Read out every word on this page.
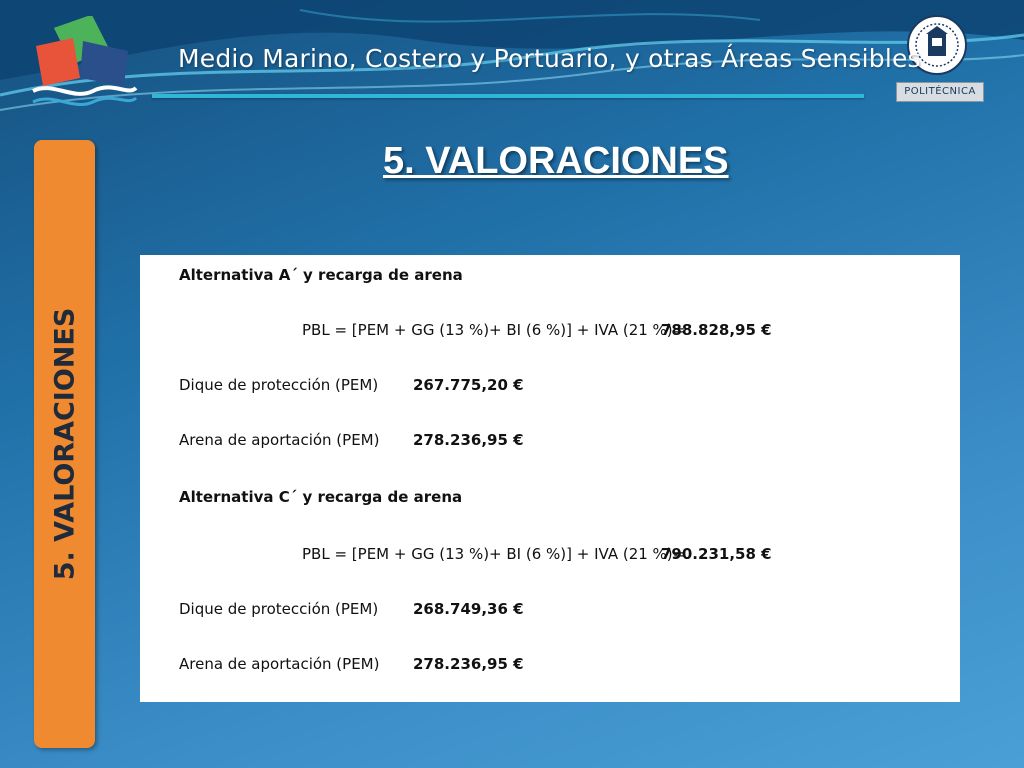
POLITÉCNICA
Medio Marino, Costero y Portuario, y otras Áreas Sensibles
5. VALORACIONES
5. VALORACIONES
Alternativa A´ y recarga de arena
PBL = [PEM + GG (13 %)+ BI (6 %)] + IVA (21 %)=
788.828,95 €
Dique de protección (PEM) 267.775,20 €
Arena de aportación (PEM) 278.236,95 €
Alternativa C´ y recarga de arena
PBL = [PEM + GG (13 %)+ BI (6 %)] + IVA (21 %)=
790.231,58 €
Dique de protección (PEM) 268.749,36 €
Arena de aportación (PEM) 278.236,95 €
